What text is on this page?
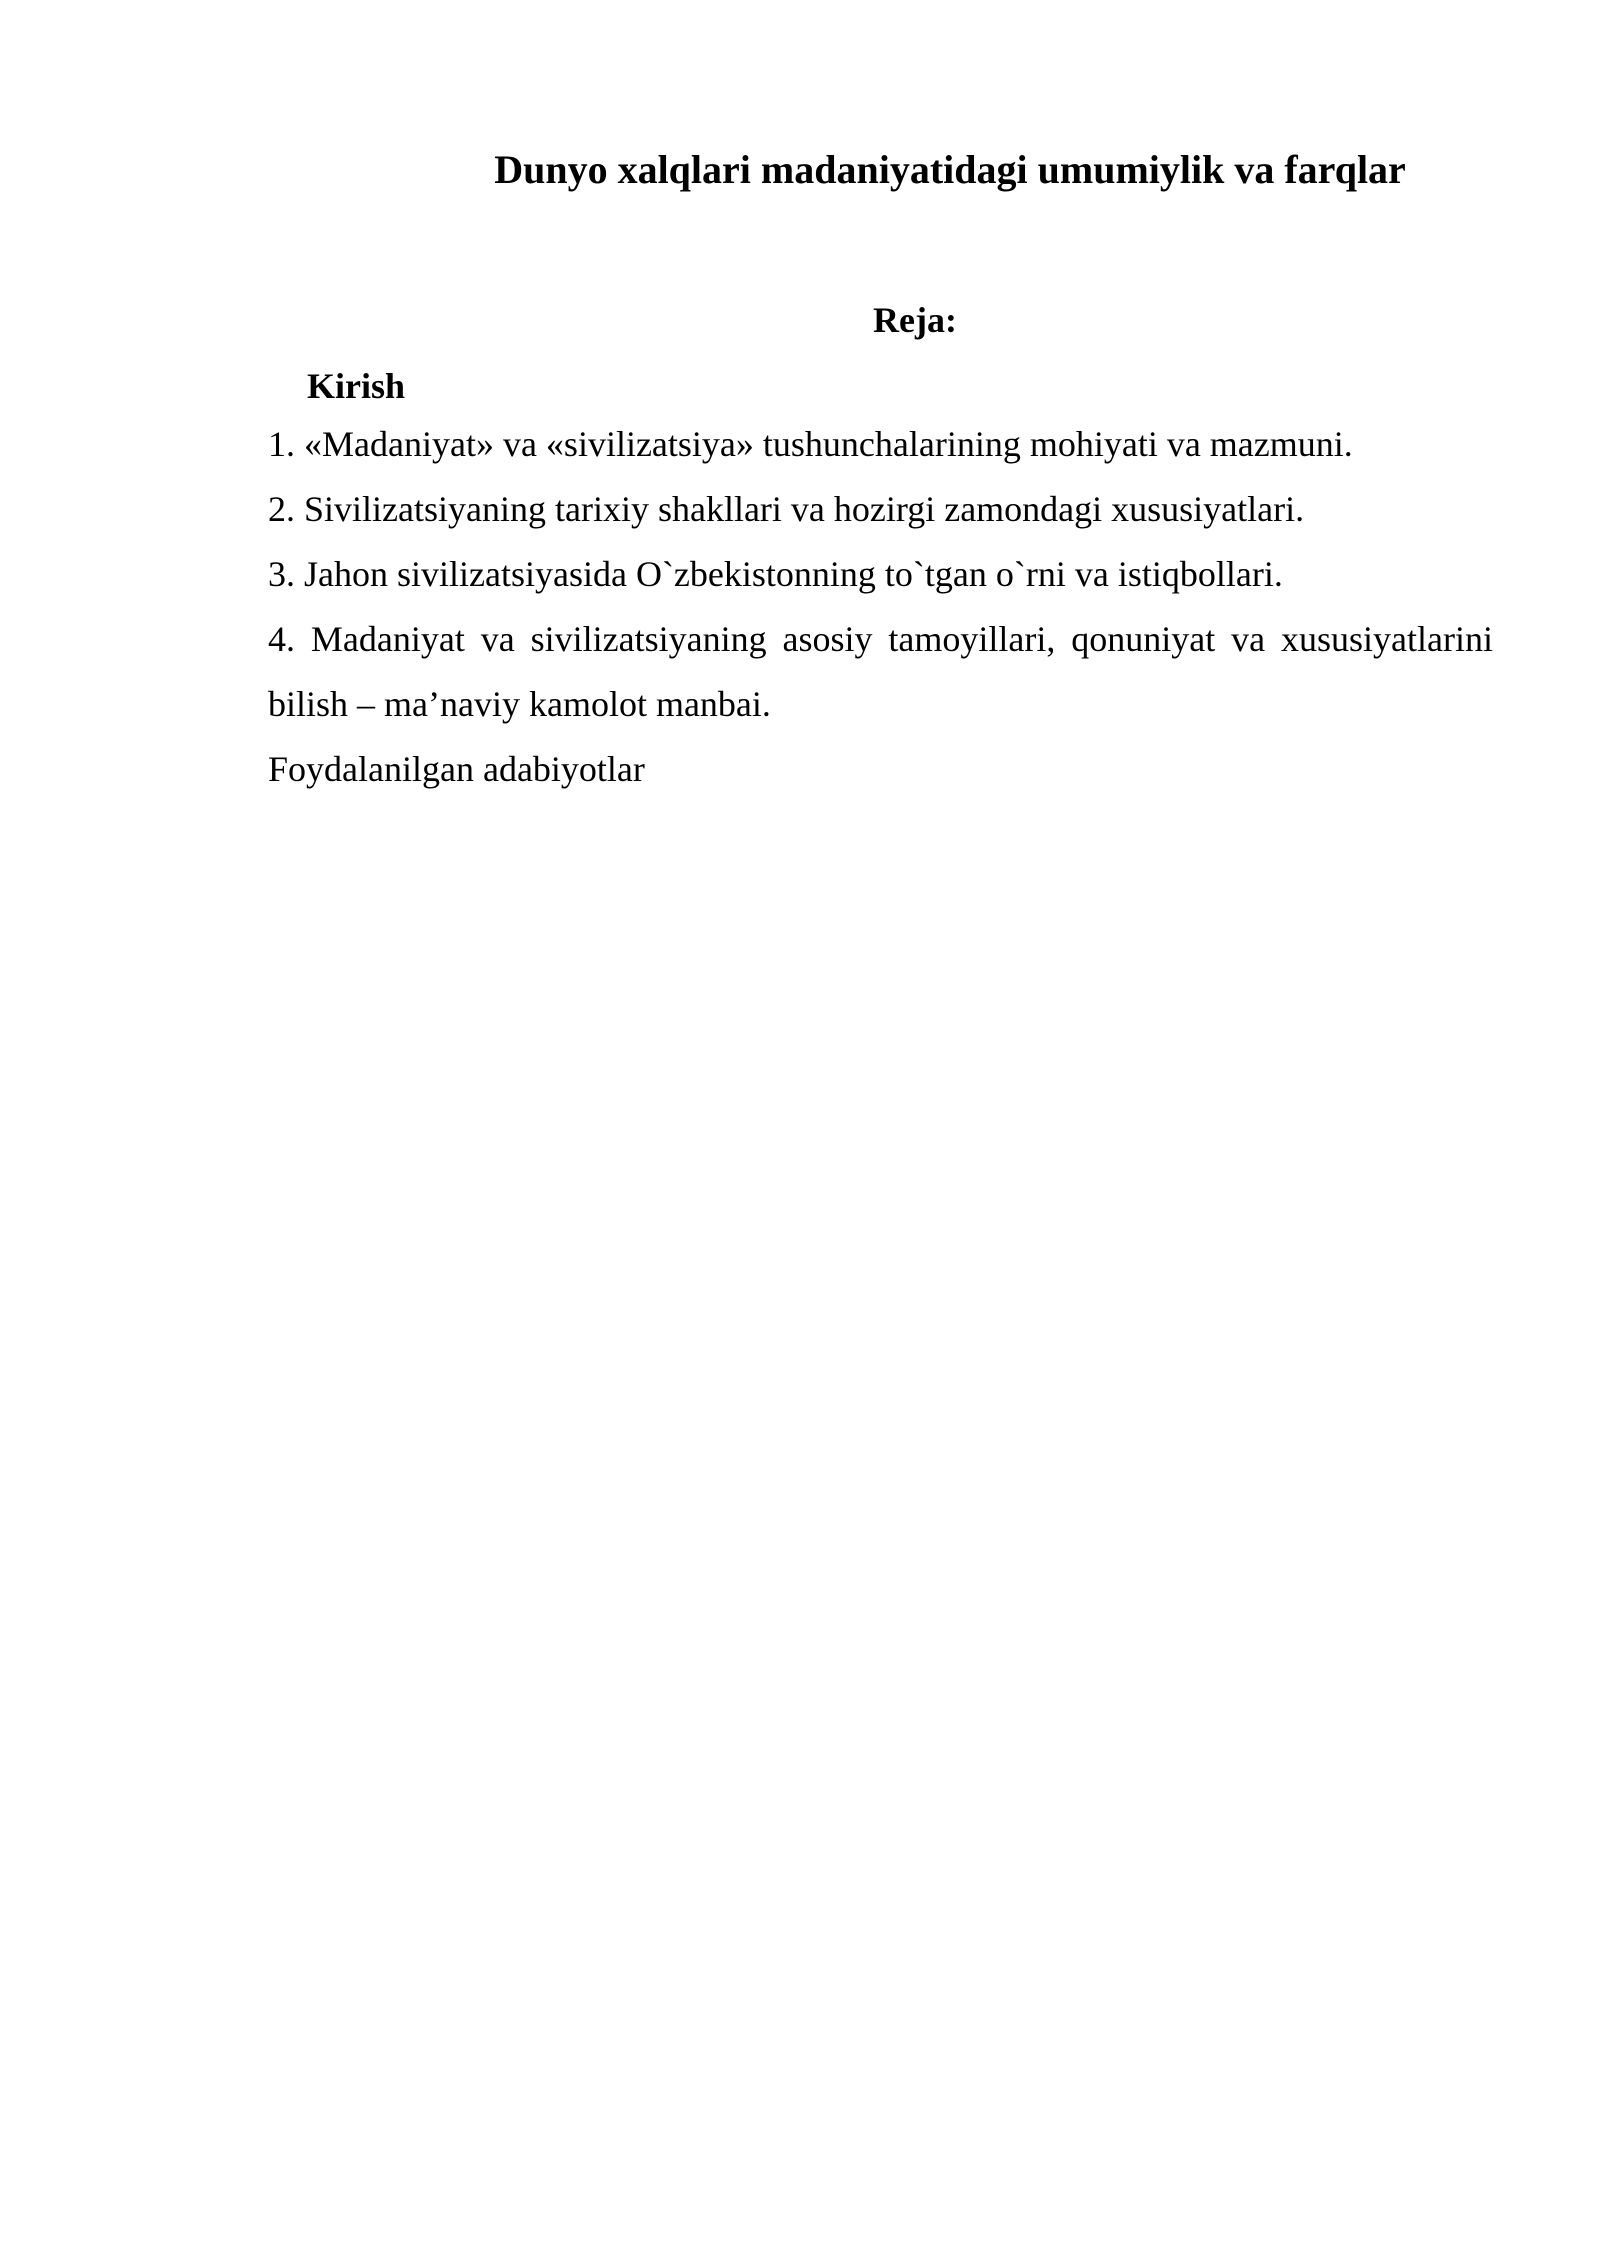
Dunyo xalqlari madaniyatidagi umumiylik va farqlar
Reja:
Kirish

1. «Madaniyat» va «sivilizatsiya» tushunchalarining mohiyati va mazmuni.

2. Sivilizatsiyaning tarixiy shakllari va hozirgi zamondagi xususiyatlari.

3. Jahon sivilizatsiyasida O`zbekistonning to`tgan o`rni va istiqbollari.

4. Madaniyat va sivilizatsiyaning asosiy tamoyillari, qonuniyat va xususiyatlarini

bilish – ma’naviy kamolot manbai.

Foydalanilgan adabiyotlar
